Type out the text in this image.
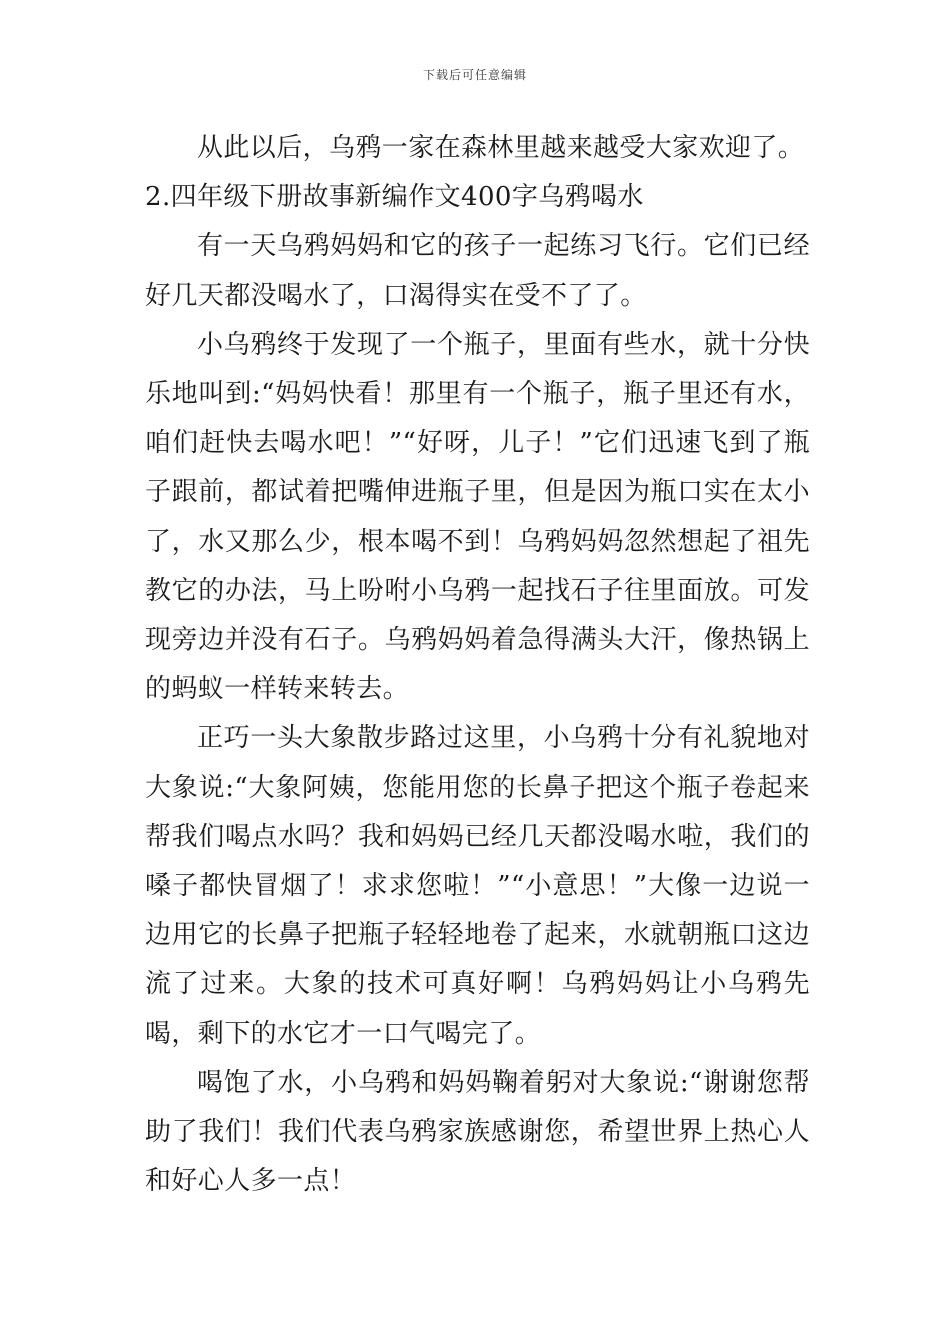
下载后可任意编辑

从此以后，乌鸦一家在森林里越来越受大家欢迎了。

2.四年级下册故事新编作文400字乌鸦喝水

有一天乌鸦妈妈和它的孩子一起练习飞行。它们已经好几天都没喝水了，口渴得实在受不了了。

小乌鸦终于发现了一个瓶子，里面有些水，就十分快乐地叫到:“妈妈快看！那里有一个瓶子，瓶子里还有水，咱们赶快去喝水吧！”“好呀，儿子！”它们迅速飞到了瓶子跟前，都试着把嘴伸进瓶子里，但是因为瓶口实在太小了，水又那么少，根本喝不到！乌鸦妈妈忽然想起了祖先教它的办法，马上吩咐小乌鸦一起找石子往里面放。可发现旁边并没有石子。乌鸦妈妈着急得满头大汗，像热锅上的蚂蚁一样转来转去。

正巧一头大象散步路过这里，小乌鸦十分有礼貌地对大象说:“大象阿姨，您能用您的长鼻子把这个瓶子卷起来帮我们喝点水吗？我和妈妈已经几天都没喝水啦，我们的嗓子都快冒烟了！求求您啦！”“小意思！”大像一边说一边用它的长鼻子把瓶子轻轻地卷了起来，水就朝瓶口这边流了过来。大象的技术可真好啊！乌鸦妈妈让小乌鸦先喝，剩下的水它才一口气喝完了。

喝饱了水，小乌鸦和妈妈鞠着躬对大象说:“谢谢您帮助了我们！我们代表乌鸦家族感谢您，希望世界上热心人和好心人多一点！
